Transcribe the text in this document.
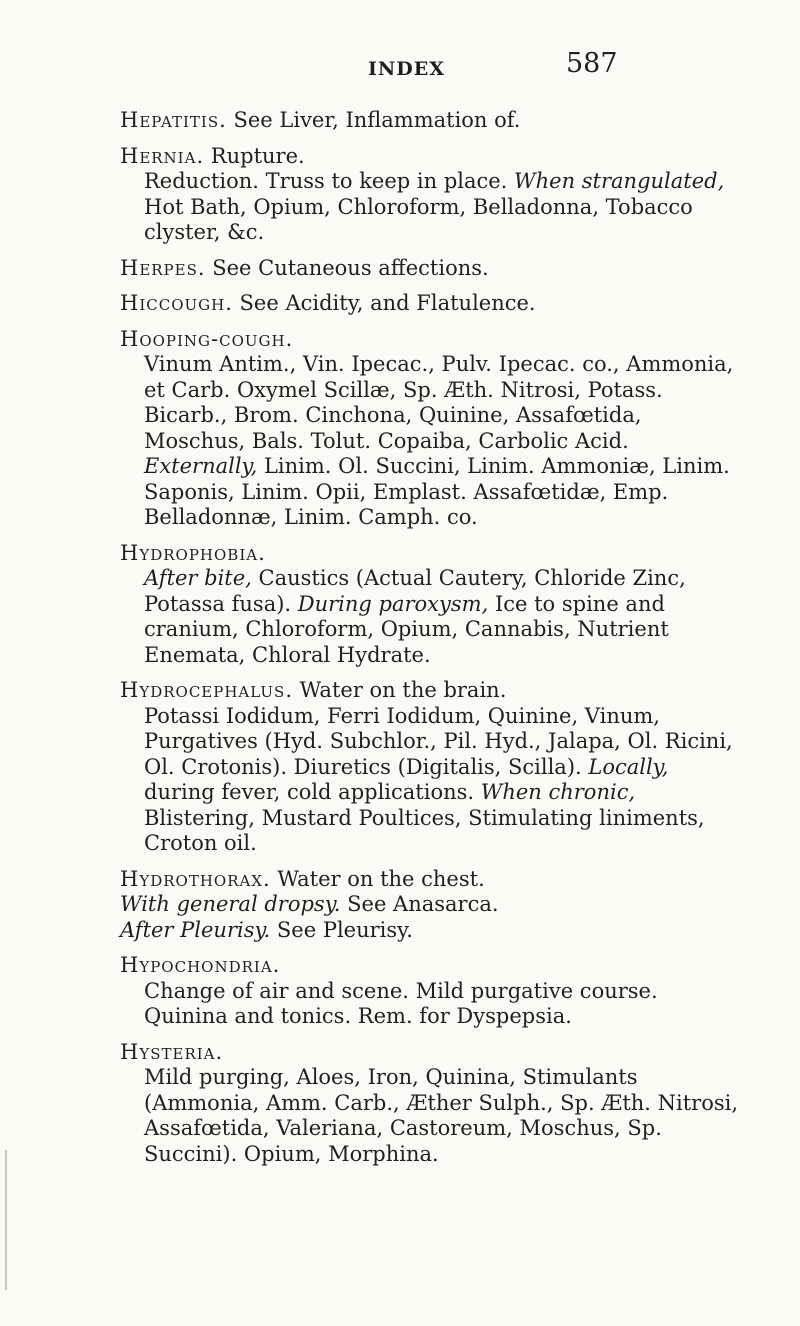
INDEX	587
Hepatitis. See Liver, Inflammation of.
Hernia. Rupture.
Reduction. Truss to keep in place. When strangulated, Hot Bath, Opium, Chloroform, Belladonna, Tobacco clyster, &c.
Herpes. See Cutaneous affections.
Hiccough. See Acidity, and Flatulence.
Hooping-cough.
Vinum Antim., Vin. Ipecac., Pulv. Ipecac. co., Ammonia, et Carb. Oxymel Scillæ, Sp. Æth. Nitrosi, Potass. Bicarb., Brom. Cinchona, Quinine, Assafœtida, Moschus, Bals. Tolut. Copaiba, Carbolic Acid. Externally, Linim. Ol. Succini, Linim. Ammoniæ, Linim. Saponis, Linim. Opii, Emplast. Assafœtidæ, Emp. Belladonnæ, Linim. Camph. co.
Hydrophobia.
After bite, Caustics (Actual Cautery, Chloride Zinc, Potassa fusa). During paroxysm, Ice to spine and cranium, Chloroform, Opium, Cannabis, Nutrient Enemata, Chloral Hydrate.
Hydrocephalus. Water on the brain.
Potassi Iodidum, Ferri Iodidum, Quinine, Vinum, Purgatives (Hyd. Subchlor., Pil. Hyd., Jalapa, Ol. Ricini, Ol. Crotonis). Diuretics (Digitalis, Scilla). Locally, during fever, cold applications. When chronic, Blistering, Mustard Poultices, Stimulating liniments, Croton oil.
Hydrothorax. Water on the chest.
With general dropsy. See Anasarca.
After Pleurisy. See Pleurisy.
Hypochondria.
Change of air and scene. Mild purgative course. Quinina and tonics. Rem. for Dyspepsia.
Hysteria.
Mild purging, Aloes, Iron, Quinina, Stimulants (Ammonia, Amm. Carb., Æther Sulph., Sp. Æth. Nitrosi, Assafœtida, Valeriana, Castoreum, Moschus, Sp. Succini). Opium, Morphina.
